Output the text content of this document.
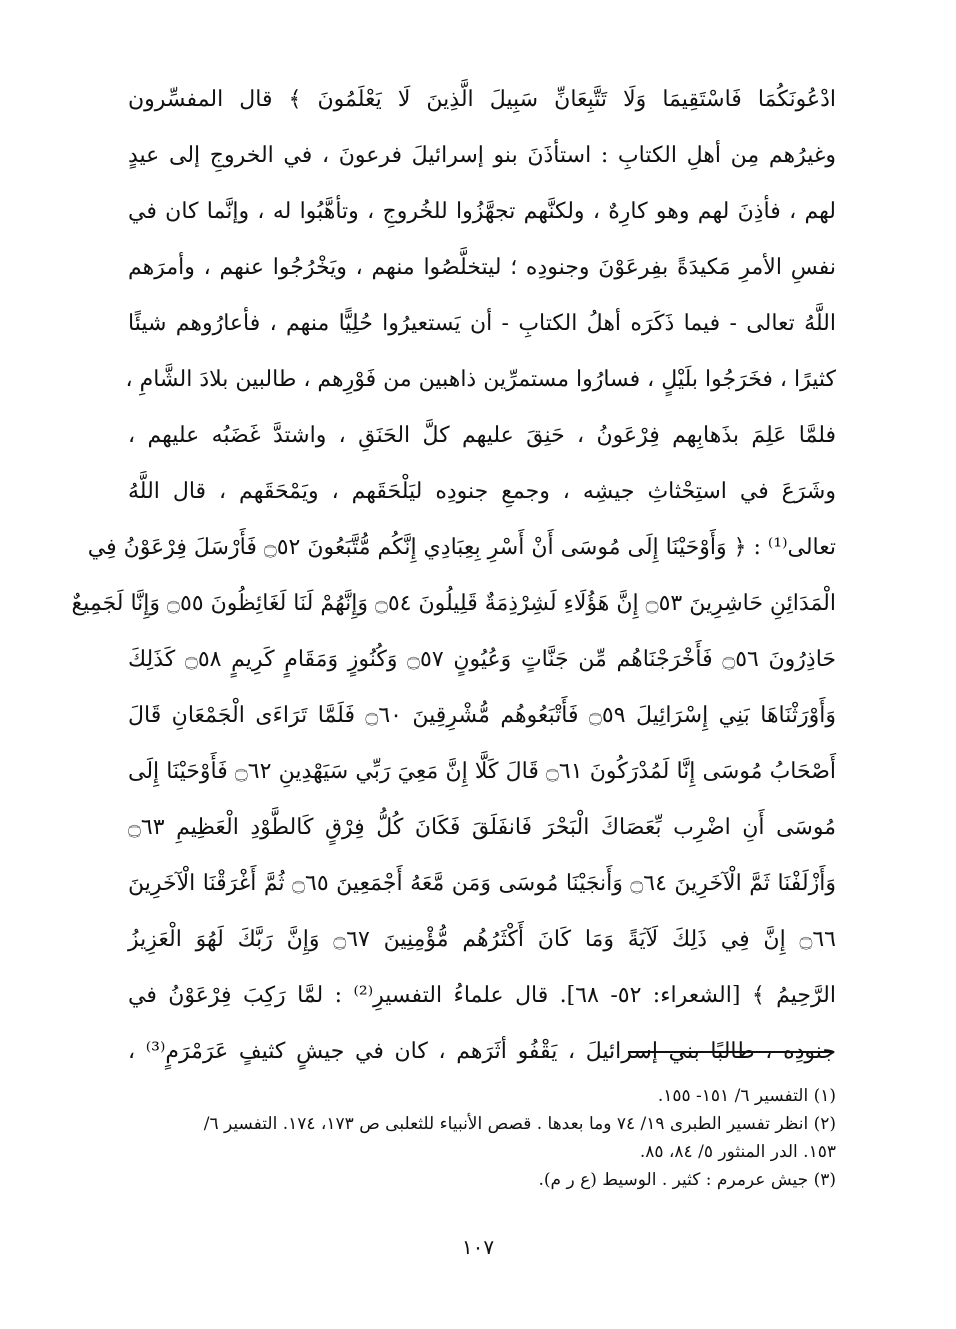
ادْعُونَكُمَا فَاسْتَقِيمَا وَلَا تَتَّبِعَانِّ سَبِيلَ الَّذِينَ لَا يَعْلَمُونَ ﴾ قال المفسِّرون
وغيرُهم مِن أهلِ الكتابِ : استأذَنَ بنو إسرائيلَ فرعونَ ، في الخروجِ إلى عيدٍ
لهم ، فأذِنَ لهم وهو كارِهٌ ، ولكنَّهم تجهَّزُوا للخُروجِ ، وتأهَّبُوا له ، وإنَّما كان في
نفسِ الأمرِ مَكيدَةً بفِرعَوْنَ وجنودِه ؛ ليتخلَّصُوا منهم ، ويَخْرُجُوا عنهم ، وأمرَهم
اللَّهُ تعالى - فيما ذَكَرَه أهلُ الكتابِ - أن يَستعيرُوا حُلِيًّا منهم ، فأعارُوهم شيئًا
كثيرًا ، فخَرَجُوا بلَيْلٍ ، فسارُوا مستمرِّين ذاهبين من فَوْرِهم ، طالبين بلادَ الشَّامِ ،
فلمَّا عَلِمَ بذَهابِهم فِرْعَونُ ، حَنِقَ عليهم كلَّ الحَنَقِ ، واشتدَّ غَضَبُه عليهم ،
وشَرَعَ في استِحْثاثِ جيشِه ، وجمعِ جنودِه ليَلْحَقَهم ، ويَمْحَقَهم ، قال اللَّهُ
تعالى⁽¹⁾ : ﴿ وَأَوْحَيْنَا إِلَى مُوسَى أَنْ أَسْرِ بِعِبَادِي إِنَّكُم مُّتَّبَعُونَ ۝٥٢ فَأَرْسَلَ فِرْعَوْنُ فِي
الْمَدَائِنِ حَاشِرِينَ ۝٥٣ إِنَّ هَؤُلَاءِ لَشِرْذِمَةٌ قَلِيلُونَ ۝٥٤ وَإِنَّهُمْ لَنَا لَغَائِظُونَ ۝٥٥ وَإِنَّا لَجَمِيعٌ
حَاذِرُونَ ۝٥٦ فَأَخْرَجْنَاهُم مِّن جَنَّاتٍ وَعُيُونٍ ۝٥٧ وَكُنُوزٍ وَمَقَامٍ كَرِيمٍ ۝٥٨ كَذَلِكَ
وَأَوْرَثْنَاهَا بَنِي إِسْرَائِيلَ ۝٥٩ فَأَتْبَعُوهُم مُّشْرِقِينَ ۝٦٠ فَلَمَّا تَرَاءَى الْجَمْعَانِ قَالَ
أَصْحَابُ مُوسَى إِنَّا لَمُدْرَكُونَ ۝٦١ قَالَ كَلَّا إِنَّ مَعِيَ رَبِّي سَيَهْدِينِ ۝٦٢ فَأَوْحَيْنَا إِلَى
مُوسَى أَنِ اضْرِب بِّعَصَاكَ الْبَحْرَ فَانفَلَقَ فَكَانَ كُلُّ فِرْقٍ كَالطَّوْدِ الْعَظِيمِ ۝٦٣
وَأَزْلَفْنَا ثَمَّ الْآخَرِينَ ۝٦٤ وَأَنجَيْنَا مُوسَى وَمَن مَّعَهُ أَجْمَعِينَ ۝٦٥ ثُمَّ أَغْرَقْنَا الْآخَرِينَ
۝٦٦ إِنَّ فِي ذَلِكَ لَآيَةً وَمَا كَانَ أَكْثَرُهُم مُّؤْمِنِينَ ۝٦٧ وَإِنَّ رَبَّكَ لَهُوَ الْعَزِيزُ
الرَّحِيمُ ﴾ [الشعراء: ٥٢- ٦٨]. قال علماءُ التفسيرِ⁽²⁾ : لمَّا رَكِبَ فِرْعَوْنُ في
جنودِه ، طالبًا بني إسرائيلَ ، يَقْفُو أثَرَهم ، كان في جيشٍ كثيفٍ عَرَمْرَمٍ⁽³⁾ ،
(١) التفسير ٦/ ١٥١- ١٥٥.
(٢) انظر تفسير الطبرى ١٩/ ٧٤ وما بعدها . قصص الأنبياء للثعلبى ص ١٧٣، ١٧٤. التفسير ٦/
١٥٣. الدر المنثور ٥/ ٨٤، ٨٥.
(٣) جيش عرمرم : كثير . الوسيط (ع ر م).
١٠٧
